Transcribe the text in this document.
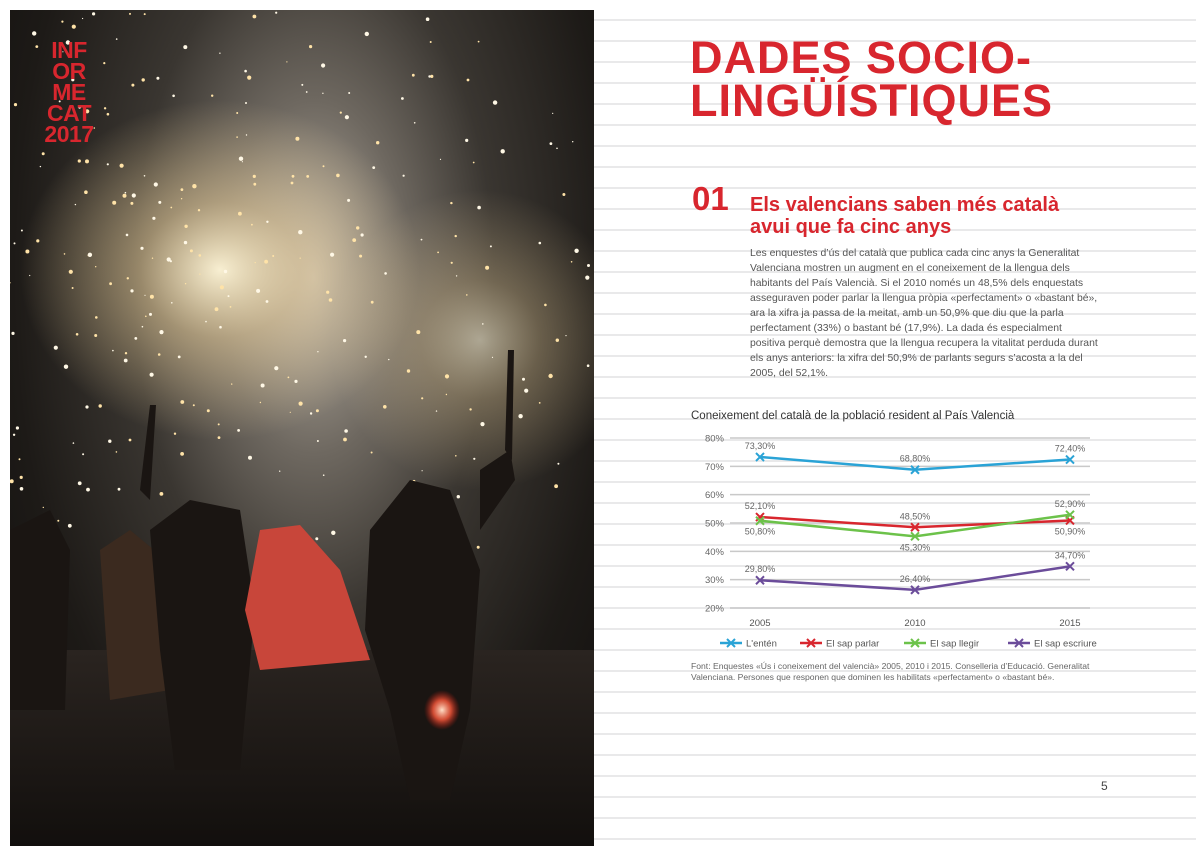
INF
OR
ME
CAT
2017
DADES SOCIO-
LINGÜÍSTIQUES
01 Els valencians saben més català
avui que fa cinc anys

Les enquestes d’ús del català que publica cada cinc anys la Generalitat Valenciana mostren un augment en el coneixement de la llengua dels habitants del País Valencià. Si el 2010 només un 48,5% dels enquestats asseguraven poder parlar la llengua pròpia «perfectament» o «bastant bé», ara la xifra ja passa de la meitat, amb un 50,9% que diu que la parla perfectament (33%) o bastant bé (17,9%). La dada és especialment positiva perquè demostra que la llengua recupera la vitalitat perduda durant els anys anteriors: la xifra del 50,9% de parlants segurs s’acosta a la del 2005, del 52,1%.

Coneixement del català de la població resident al País Valencià
20%
30%
40%
50%
60%
70%
80%
2005	2010	2015
73,30%
68,80%
72,40%
52,10%
48,50%
50,90%
50,80%
45,30%
52,90%
29,80%
26,40%
34,70%
L'entén	El sap parlar	El sap llegir	El sap escriure

Font: Enquestes «Ús i coneixement del valencià» 2005, 2010 i 2015. Conselleria d’Educació. Generalitat Valenciana. Persones que responen que dominen les habilitats «perfectament» o «bastant bé».

5
